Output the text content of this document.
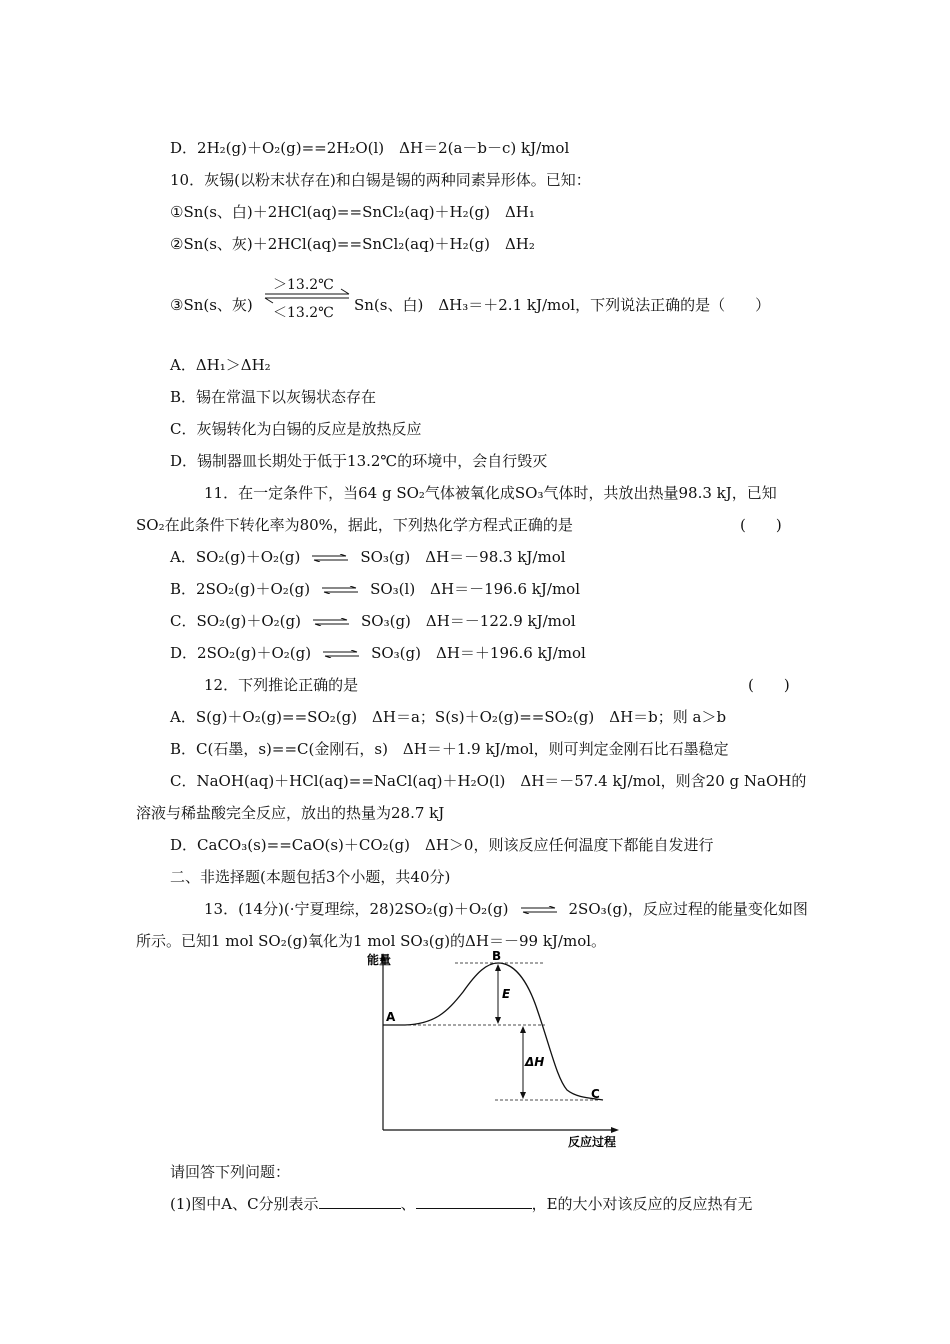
D．2H₂(g)＋O₂(g)==2H₂O(l)　ΔH＝2(a－b－c) kJ/mol
10．灰锡(以粉末状存在)和白锡是锡的两种同素异形体。已知：
①Sn(s、白)＋2HCl(aq)==SnCl₂(aq)＋H₂(g)　ΔH₁
②Sn(s、灰)＋2HCl(aq)==SnCl₂(aq)＋H₂(g)　ΔH₂
③Sn(s、灰)
＞13.2℃
＜13.2℃ Sn(s、白)　ΔH₃＝＋2.1 kJ/mol，下列说法正确的是（　　）
A．ΔH₁＞ΔH₂
B．锡在常温下以灰锡状态存在
C．灰锡转化为白锡的反应是放热反应
D．锡制器皿长期处于低于13.2℃的环境中，会自行毁灭
11．在一定条件下，当64 g SO₂气体被氧化成SO₃气体时，共放出热量98.3 kJ，已知
SO₂在此条件下转化率为80%，据此，下列热化学方程式正确的是	(　　)
A．SO₂(g)＋O₂(g) ⇌ SO₃(g)　ΔH＝－98.3 kJ/mol
B．2SO₂(g)＋O₂(g) ⇌ SO₃(l)　ΔH＝－196.6 kJ/mol
C．SO₂(g)＋O₂(g) ⇌ SO₃(g)　ΔH＝－122.9 kJ/mol
D．2SO₂(g)＋O₂(g) ⇌ SO₃(g)　ΔH＝＋196.6 kJ/mol
12．下列推论正确的是	(　　)
A．S(g)＋O₂(g)==SO₂(g)　ΔH＝a；S(s)＋O₂(g)==SO₂(g)　ΔH＝b；则 a＞b
B．C(石墨，s)==C(金刚石，s)　ΔH＝＋1.9 kJ/mol，则可判定金刚石比石墨稳定
C．NaOH(aq)＋HCl(aq)==NaCl(aq)＋H₂O(l)　ΔH＝－57.4 kJ/mol，则含20 g NaOH的
溶液与稀盐酸完全反应，放出的热量为28.7 kJ
D．CaCO₃(s)==CaO(s)＋CO₂(g)　ΔH＞0，则该反应任何温度下都能自发进行
二、非选择题(本题包括3个小题，共40分)
13．(14分)(·宁夏理综，28)2SO₂(g)＋O₂(g) ⇌ 2SO₃(g)，反应过程的能量变化如图
所示。已知1 mol SO₂(g)氧化为1 mol SO₃(g)的ΔH＝－99 kJ/mol。
能量
反应过程
A
B
C
E
ΔH
请回答下列问题：
(1)图中A、C分别表示	、	，E的大小对该反应的反应热有无
